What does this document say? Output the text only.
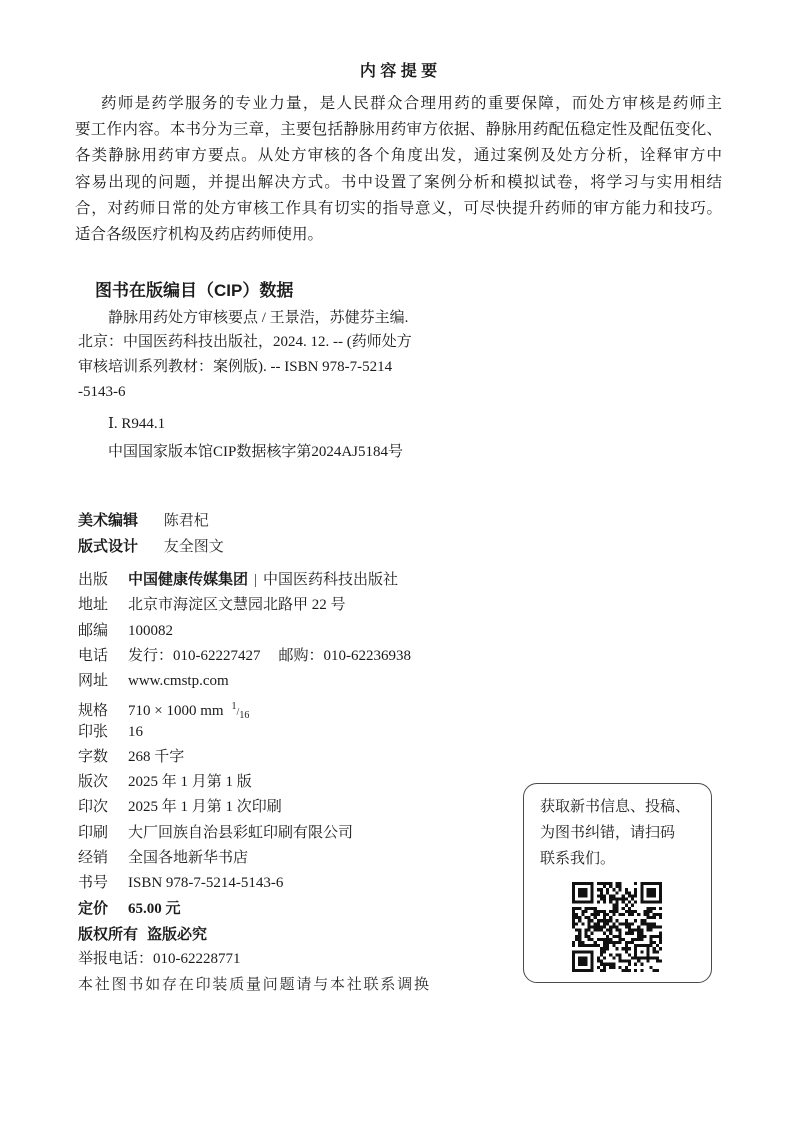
内 容 提 要
药师是药学服务的专业力量，是人民群众合理用药的重要保障，而处方审核是药师主
要工作内容。本书分为三章，主要包括静脉用药审方依据、静脉用药配伍稳定性及配伍变化、
各类静脉用药审方要点。从处方审核的各个角度出发，通过案例及处方分析，诠释审方中
容易出现的问题，并提出解决方式。书中设置了案例分析和模拟试卷，将学习与实用相结
合，对药师日常的处方审核工作具有切实的指导意义，可尽快提升药师的审方能力和技巧。
适合各级医疗机构及药店药师使用。
图书在版编目（CIP）数据
静脉用药处方审核要点 / 王景浩，苏健芬主编.
北京：中国医药科技出版社，2024. 12. -- (药师处方
审核培训系列教材：案例版). -- ISBN 978-7-5214
-5143-6
Ⅰ. R944.1
中国国家版本馆CIP数据核字第2024AJ5184号
美术编辑 陈君杞
版式设计 友全图文
出版 中国健康传媒集团 | 中国医药科技出版社
地址 北京市海淀区文慧园北路甲 22 号
邮编 100082
电话 发行：010-62227427 邮购：010-62236938
网址 www.cmstp.com
规格 710 × 1000 mm $^1/_{16}$
印张 16
字数 268 千字
版次 2025 年 1 月第 1 版
印次 2025 年 1 月第 1 次印刷
印刷 大厂回族自治县彩虹印刷有限公司
经销 全国各地新华书店
书号 ISBN 978-7-5214-5143-6
定价 65.00 元
版权所有 盗版必究
举报电话：010-62228771
本社图书如存在印装质量问题请与本社联系调换
获取新书信息、投稿、
为图书纠错，请扫码
联系我们。
